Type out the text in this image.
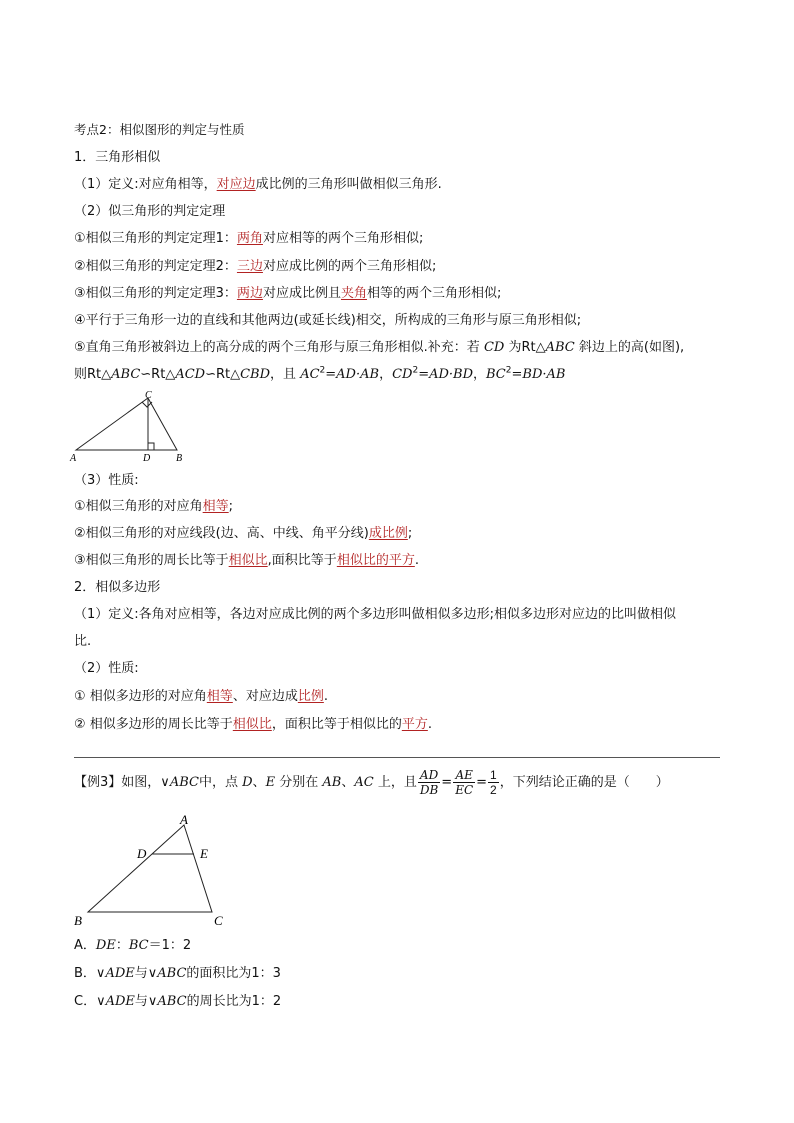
考点2：相似图形的判定与性质
1．三角形相似
（1）定义:对应角相等，对应边成比例的三角形叫做相似三角形.
（2）似三角形的判定定理
①相似三角形的判定定理1：两角对应相等的两个三角形相似;
②相似三角形的判定定理2：三边对应成比例的两个三角形相似;
③相似三角形的判定定理3：两边对应成比例且夹角相等的两个三角形相似;
④平行于三角形一边的直线和其他两边(或延长线)相交，所构成的三角形与原三角形相似;
⑤直角三角形被斜边上的高分成的两个三角形与原三角形相似.补充：若 CD 为Rt△ABC 斜边上的高(如图),
则Rt△ABC∽Rt△ACD∽Rt△CBD，且 $AC^2=AD\cdot AB$，$CD^2=AD\cdot BD$，$BC^2=BD\cdot AB$
A	D	B
C
（3）性质:
①相似三角形的对应角相等;
②相似三角形的对应线段(边、高、中线、角平分线)成比例;
③相似三角形的周长比等于相似比,面积比等于相似比的平方.
2．相似多边形
（1）定义:各角对应相等，各边对应成比例的两个多边形叫做相似多边形;相似多边形对应边的比叫做相似
比.
（2）性质:
① 相似多边形的对应角相等、对应边成比例.
② 相似多边形的周长比等于相似比，面积比等于相似比的平方.
【例3】如图，∨ABC中，点 D、E 分别在 AB、AC 上，且 $\frac{AD}{DB} = \frac{AE}{EC} = \frac{1}{2}$ ，下列结论正确的是（　　）
A
D	E
B	C
A．DE：BC＝1：2
B．∨ADE与∨ABC的面积比为1：3
C．∨ADE与∨ABC的周长比为1：2
